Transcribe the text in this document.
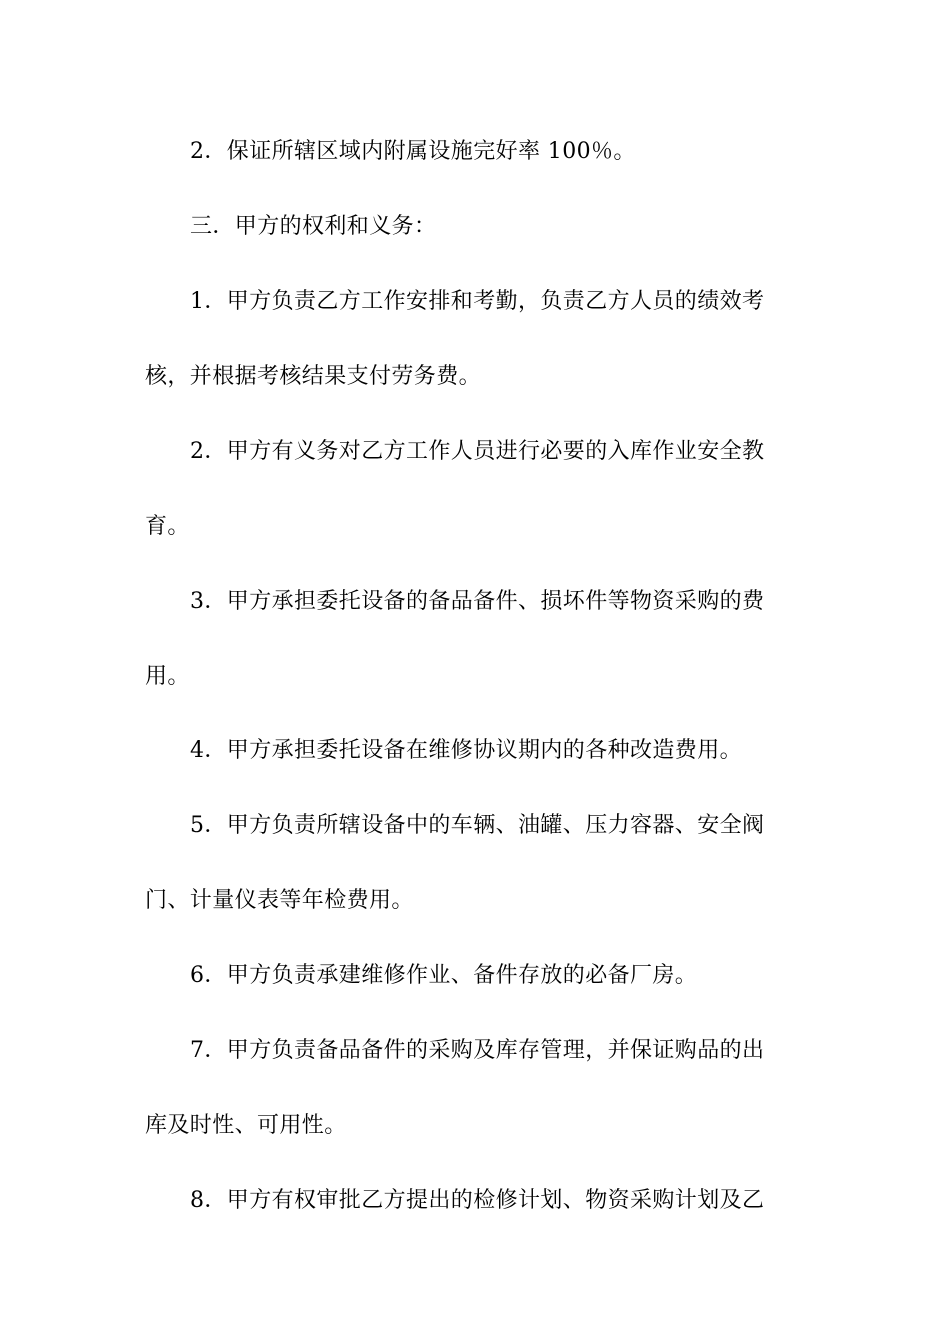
2．保证所辖区域内附属设施完好率 100％。
三．甲方的权利和义务：
1．甲方负责乙方工作安排和考勤，负责乙方人员的绩效考
核，并根据考核结果支付劳务费。
2．甲方有义务对乙方工作人员进行必要的入库作业安全教
育。
3．甲方承担委托设备的备品备件、损坏件等物资采购的费
用。
4．甲方承担委托设备在维修协议期内的各种改造费用。
5．甲方负责所辖设备中的车辆、油罐、压力容器、安全阀
门、计量仪表等年检费用。
6．甲方负责承建维修作业、备件存放的必备厂房。
7．甲方负责备品备件的采购及库存管理，并保证购品的出
库及时性、可用性。
8．甲方有权审批乙方提出的检修计划、物资采购计划及乙
